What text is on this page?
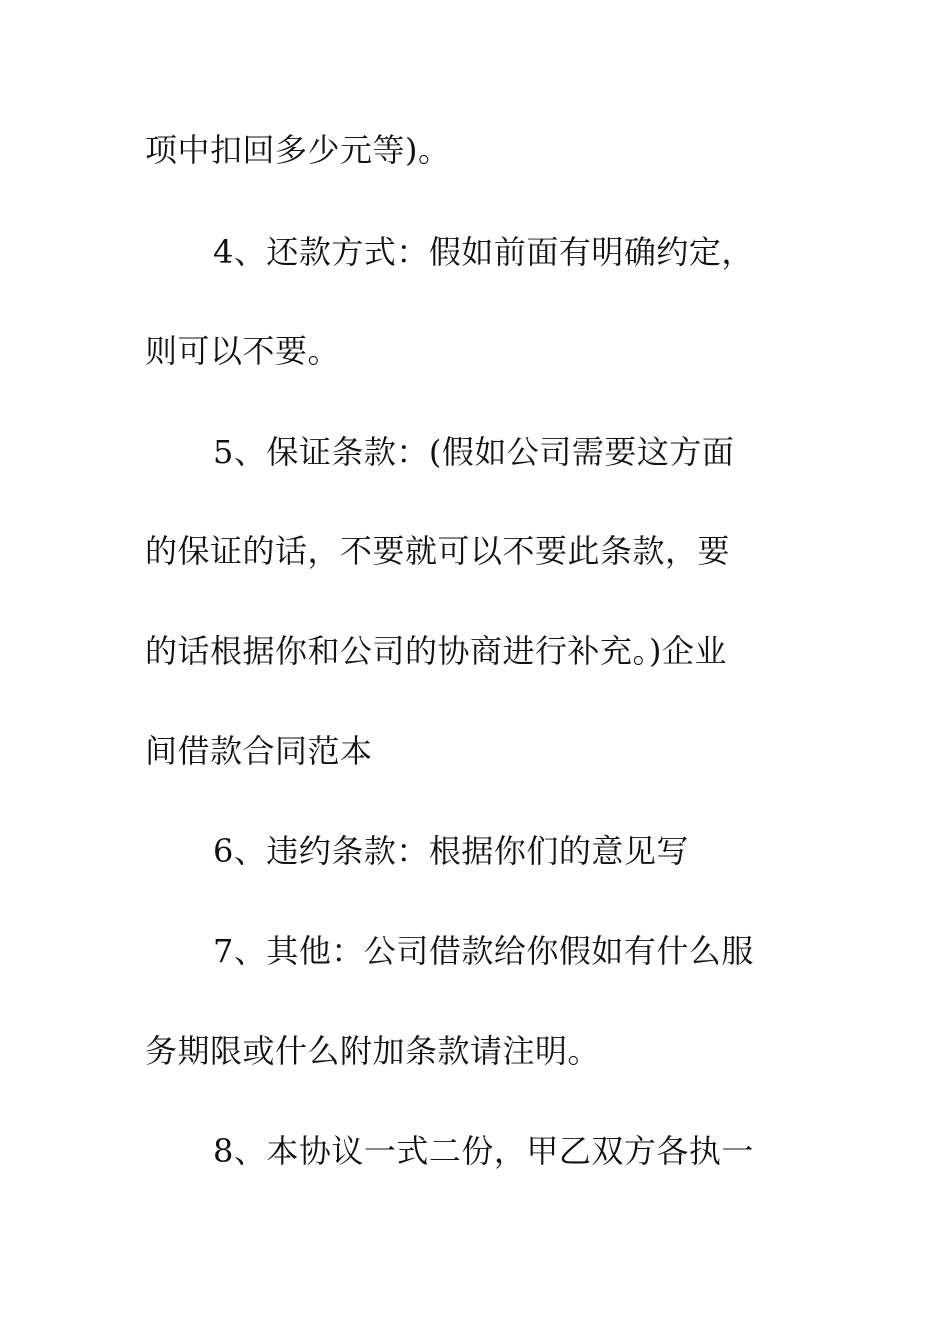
项中扣回多少元等)。
4、还款方式：假如前面有明确约定，
则可以不要。
5、保证条款：(假如公司需要这方面
的保证的话，不要就可以不要此条款，要
的话根据你和公司的协商进行补充。)企业
间借款合同范本
6、违约条款：根据你们的意见写
7、其他：公司借款给你假如有什么服
务期限或什么附加条款请注明。
8、本协议一式二份，甲乙双方各执一
